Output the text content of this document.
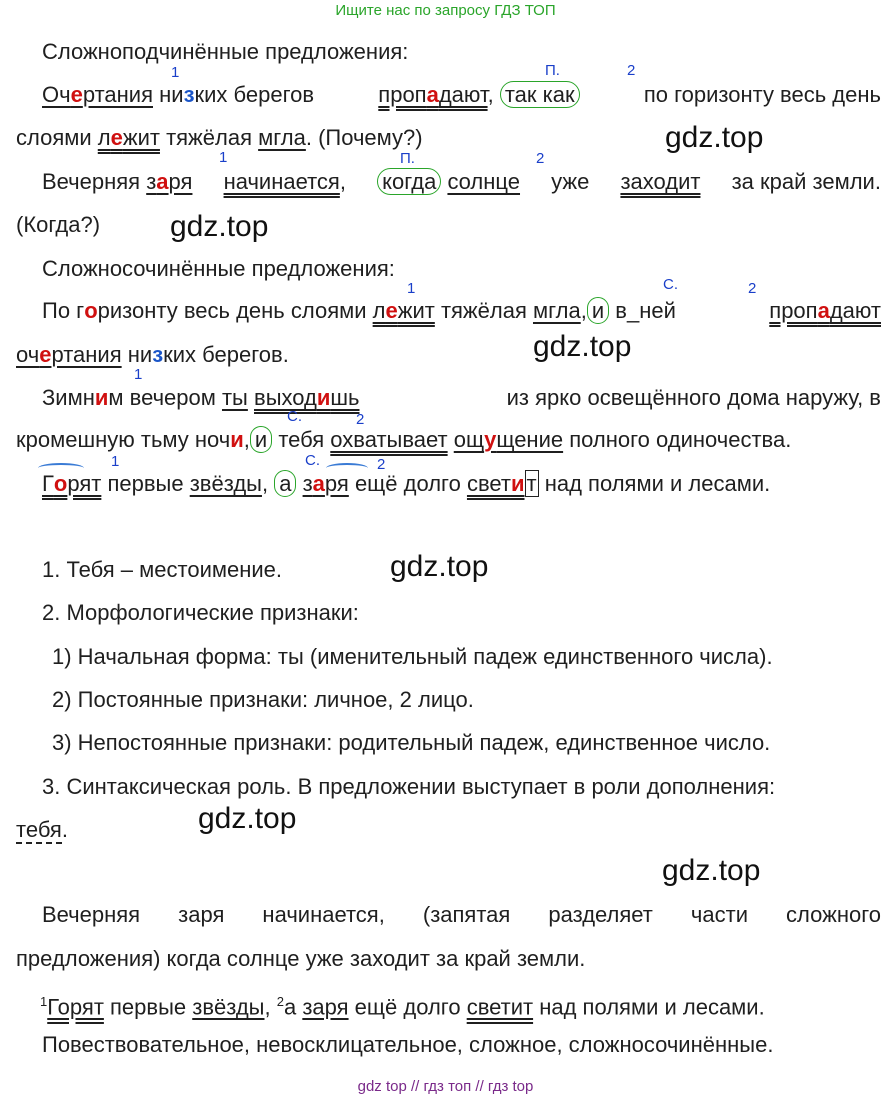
Ищите нас по запросу ГДЗ ТОП
gdz.top
gdz.top
gdz.top
gdz.top
gdz.top
gdz.top
Сложноподчинённые предложения:
1	П.	2
Очертания низких берегов	пропадают, так как	по горизонту весь день
слоями лежит тяжёлая мгла. (Почему?)
1	П.	2
Вечерняя заря начинается, когда солнце уже заходит за край земли.
(Когда?)
Сложносочинённые предложения:
1	С.	2
По горизонту весь день слоями лежит тяжёлая мгла, и в_ней	пропадают
очертания низких берегов.
1
Зимним вечером ты выходишь	из ярко освещённого дома наружу, в
С.	2
кромешную тьму ночи, и тебя охватывает ощущение полного одиночества.
1	С.	2
Горят первые звёзды, а заря ещё долго светит над полями и лесами.
1. Тебя – местоимение.
2. Морфологические признаки:
1) Начальная форма: ты (именительный падеж единственного числа).
2) Постоянные признаки: личное, 2 лицо.
3) Непостоянные признаки: родительный падеж, единственное число.
3. Синтаксическая роль. В предложении выступает в роли дополнения:
тебя.
Вечерняя заря начинается, (запятая разделяет части сложного
предложения) когда солнце уже заходит за край земли.
$^1$Горят первые звёзды, $^2$а заря ещё долго светит над полями и лесами.
Повествовательное, невосклицательное, сложное, сложносочинённые.
gdz top // гдз топ // гдз top
